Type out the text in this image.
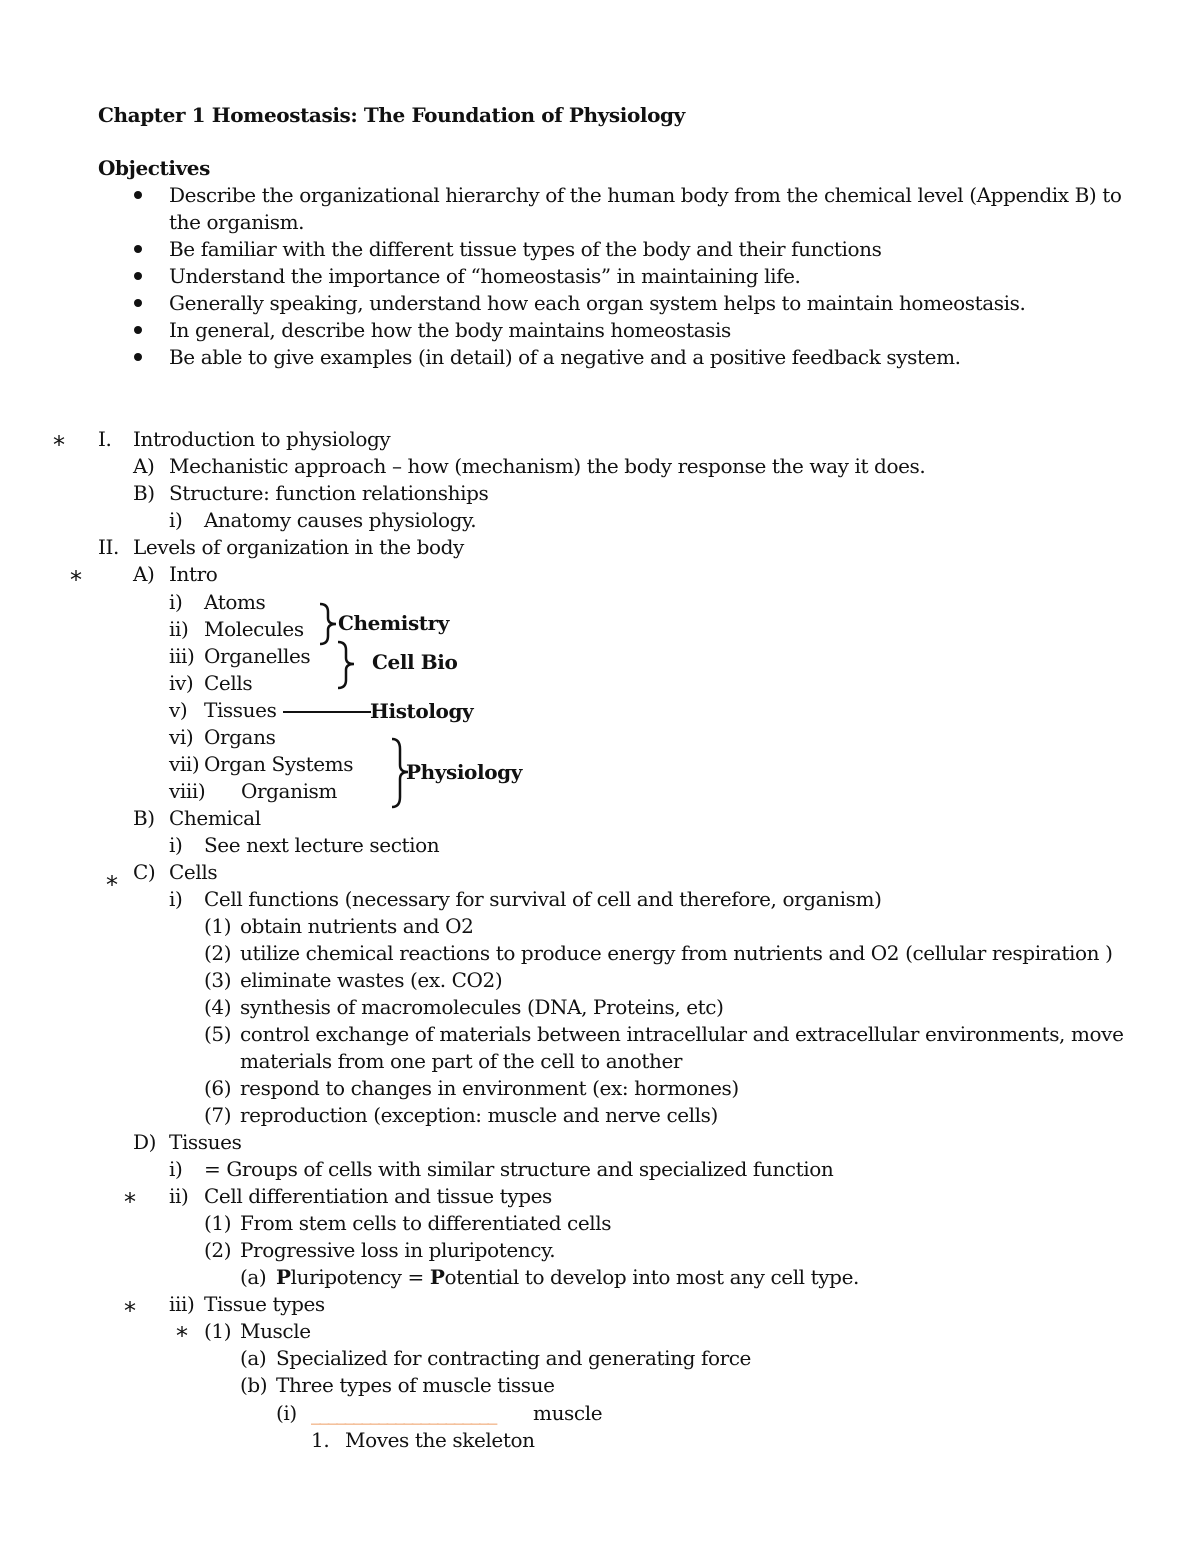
Chapter 1 Homeostasis: The Foundation of Physiology
Objectives
Describe the organizational hierarchy of the human body from the chemical level (Appendix B) to
the organism.
Be familiar with the different tissue types of the body and their functions
Understand the importance of “homeostasis” in maintaining life.
Generally speaking, understand how each organ system helps to maintain homeostasis.
In general, describe how the body maintains homeostasis
Be able to give examples (in detail) of a negative and a positive feedback system.
* I. Introduction to physiology
A) Mechanistic approach – how (mechanism) the body response the way it does.
B) Structure: function relationships
i) Anatomy causes physiology.
II. Levels of organization in the body
*	A) Intro
i) Atoms
ii) Molecules
iii) Organelles
iv) Cells
v) Tissues
vi) Organs
vii) Organ Systems
viii) Organism
Chemistry
Cell Bio
Histology
Physiology
B) Chemical
i) See next lecture section
* C) Cells
i) Cell functions (necessary for survival of cell and therefore, organism)
(1) obtain nutrients and O2
(2) utilize chemical reactions to produce energy from nutrients and O2 (cellular respiration )
(3) eliminate wastes (ex. CO2)
(4) synthesis of macromolecules (DNA, Proteins, etc)
(5) control exchange of materials between intracellular and extracellular environments, move
materials from one part of the cell to another
(6) respond to changes in environment (ex: hormones)
(7) reproduction (exception: muscle and nerve cells)
D) Tissues
i) = Groups of cells with similar structure and specialized function
* ii) Cell differentiation and tissue types
(1) From stem cells to differentiated cells
(2) Progressive loss in pluripotency.
(a) Pluripotency = Potential to develop into most any cell type.
* iii) Tissue types
* (1) Muscle
(a) Specialized for contracting and generating force
(b) Three types of muscle tissue
(i) ______________________ muscle
1. Moves the skeleton
